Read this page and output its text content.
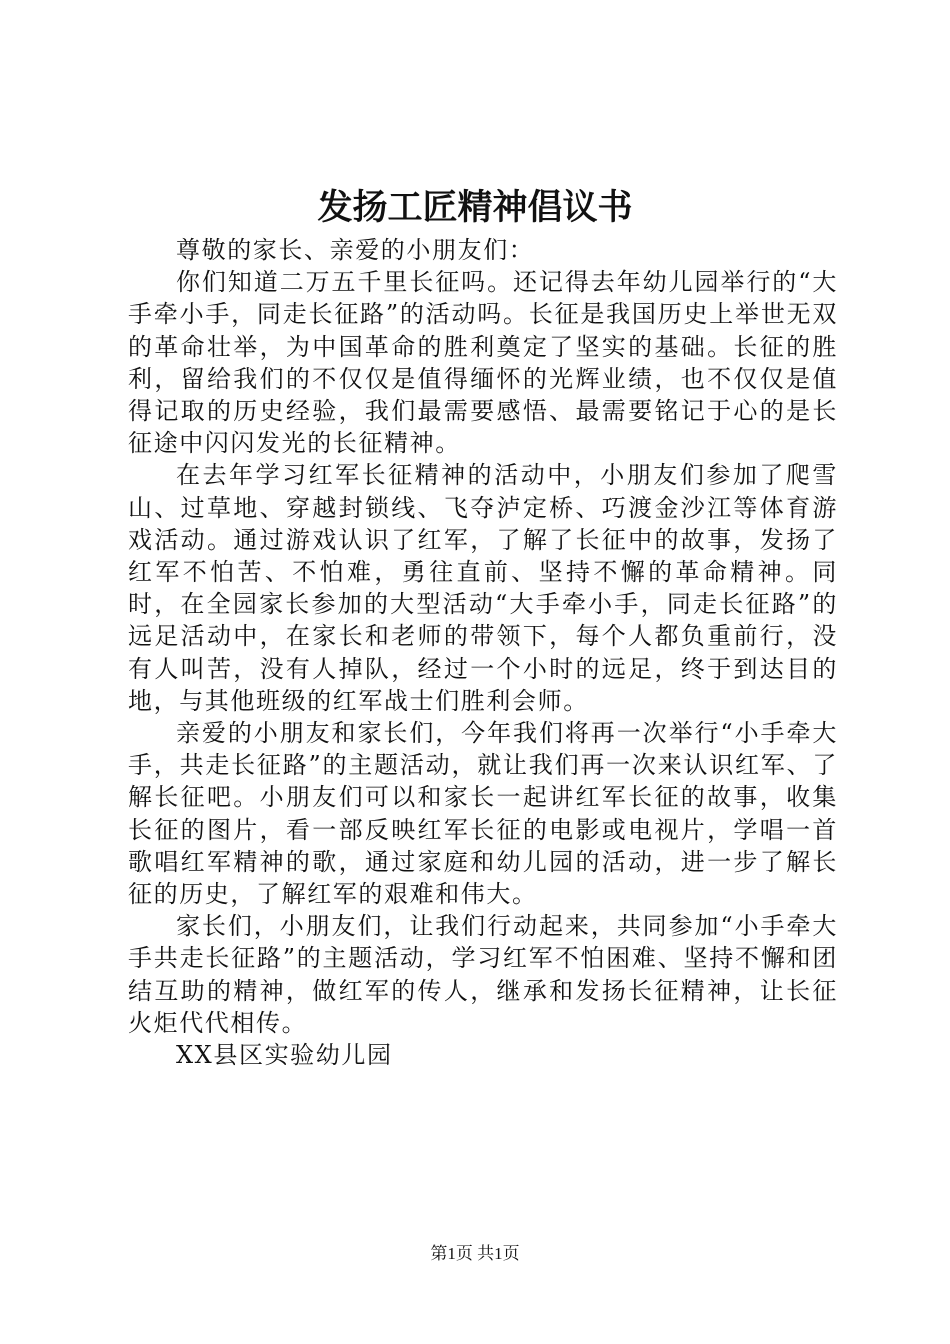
发扬工匠精神倡议书

尊敬的家长、亲爱的小朋友们：

你们知道二万五千里长征吗。还记得去年幼儿园举行的“大手牵小手，同走长征路”的活动吗。长征是我国历史上举世无双的革命壮举，为中国革命的胜利奠定了坚实的基础。长征的胜利，留给我们的不仅仅是值得缅怀的光辉业绩，也不仅仅是值得记取的历史经验，我们最需要感悟、最需要铭记于心的是长征途中闪闪发光的长征精神。

在去年学习红军长征精神的活动中，小朋友们参加了爬雪山、过草地、穿越封锁线、飞夺泸定桥、巧渡金沙江等体育游戏活动。通过游戏认识了红军，了解了长征中的故事，发扬了红军不怕苦、不怕难，勇往直前、坚持不懈的革命精神。同时，在全园家长参加的大型活动“大手牵小手，同走长征路”的远足活动中，在家长和老师的带领下，每个人都负重前行，没有人叫苦，没有人掉队，经过一个小时的远足，终于到达目的地，与其他班级的红军战士们胜利会师。

亲爱的小朋友和家长们，今年我们将再一次举行“小手牵大手，共走长征路”的主题活动，就让我们再一次来认识红军、了解长征吧。小朋友们可以和家长一起讲红军长征的故事，收集长征的图片，看一部反映红军长征的电影或电视片，学唱一首歌唱红军精神的歌，通过家庭和幼儿园的活动，进一步了解长征的历史，了解红军的艰难和伟大。

家长们，小朋友们，让我们行动起来，共同参加“小手牵大手共走长征路”的主题活动，学习红军不怕困难、坚持不懈和团结互助的精神，做红军的传人，继承和发扬长征精神，让长征火炬代代相传。

XX县区实验幼儿园

第1页 共1页
